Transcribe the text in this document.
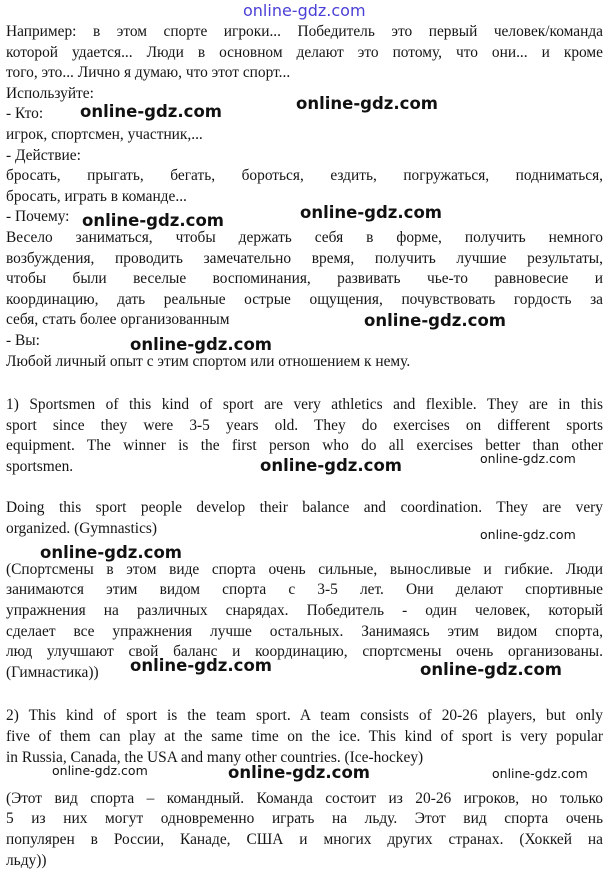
online-gdz.com
Например: в этом спорте игроки... Победитель это первый человек/команда
которой удается... Люди в основном делают это потому, что они... и кроме
того, это... Лично я думаю, что этот спорт...
Используйте:
- Кто:
игрок, спортсмен, участник,...
- Действие:
бросать, прыгать, бегать, бороться, ездить, погружаться, подниматься,
бросать, играть в команде...
- Почему:
Весело заниматься, чтобы держать себя в форме, получить немного
возбуждения, проводить замечательно время, получить лучшие результаты,
чтобы были веселые воспоминания, развивать чье-то равновесие и
координацию, дать реальные острые ощущения, почувствовать гордость за
себя, стать более организованным
- Вы:
Любой личный опыт с этим спортом или отношением к нему.
1) Sportsmen of this kind of sport are very athletics and flexible. They are in this
sport since they were 3-5 years old. They do exercises on different sports
equipment. The winner is the first person who do all exercises better than other
sportsmen.
Doing this sport people develop their balance and coordination. They are very
organized. (Gymnastics)
(Спортсмены в этом виде спорта очень сильные, выносливые и гибкие. Люди
занимаются этим видом спорта с 3-5 лет. Они делают спортивные
упражнения на различных снарядах. Победитель - один человек, который
сделает все упражнения лучше остальных. Занимаясь этим видом спорта,
люд улучшают свой баланс и координацию, спортсмены очень организованы.
(Гимнастика))
2) This kind of sport is the team sport. A team consists of 20-26 players, but only
five of them can play at the same time on the ice. This kind of sport is very popular
in Russia, Canada, the USA and many other countries. (Ice-hockey)
(Этот вид спорта – командный. Команда состоит из 20-26 игроков, но только
5 из них могут одновременно играть на льду. Этот вид спорта очень
популярен в России, Канаде, США и многих других странах. (Хоккей на
льду))
online-gdz.com	online-gdz.com
online-gdz.com	online-gdz.com
online-gdz.com
online-gdz.com
online-gdz.com	online-gdz.com
online-gdz.com
online-gdz.com
online-gdz.com	online-gdz.com
online-gdz.com	online-gdz.com	online-gdz.com
